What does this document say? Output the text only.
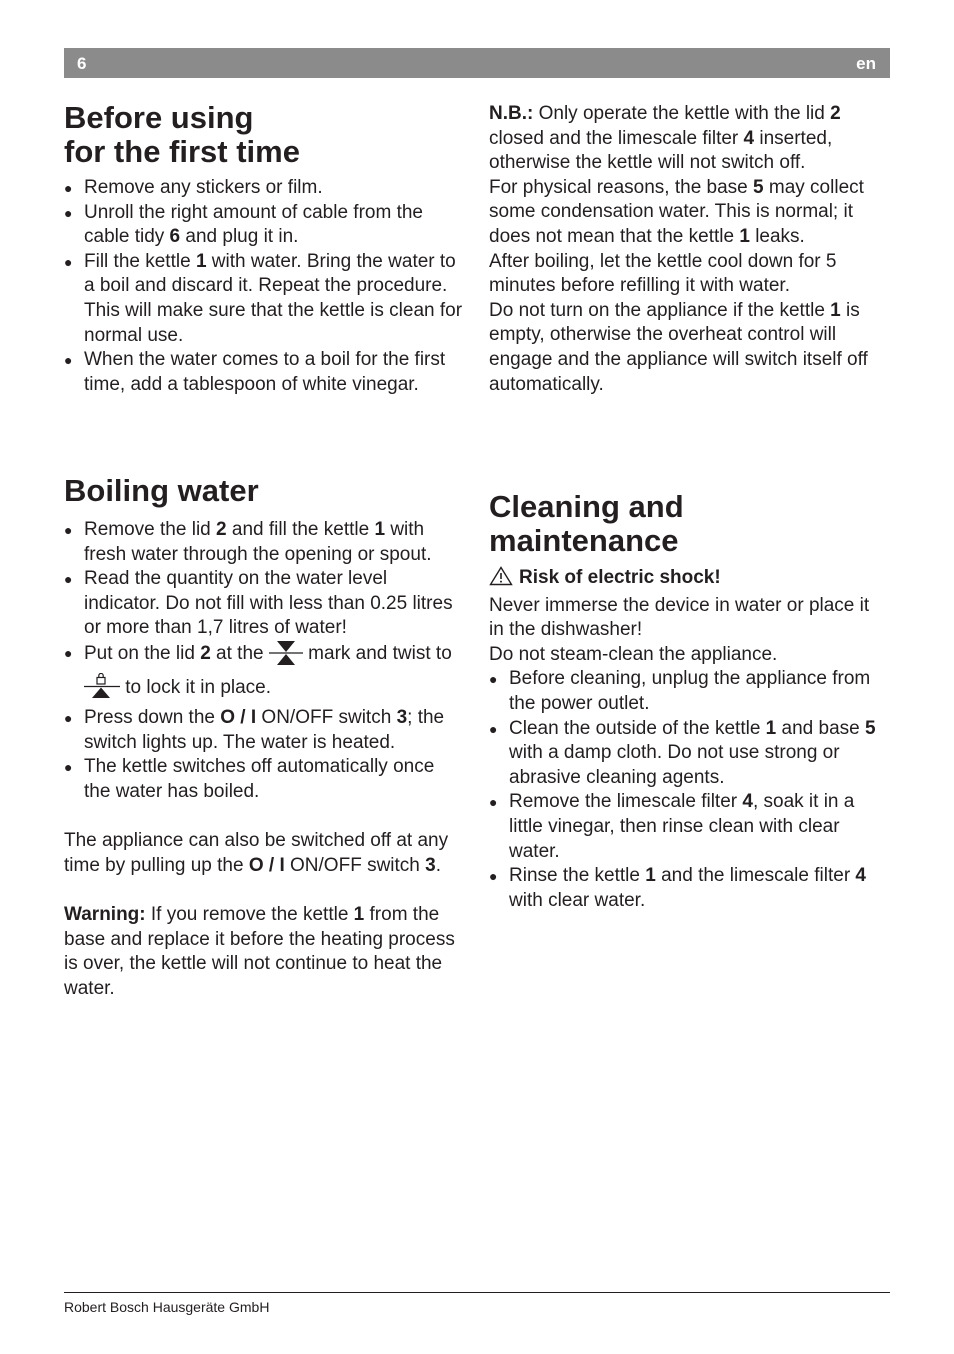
6	en
Before using
for the first time
● Remove any stickers or film.
● Unroll the right amount of cable from the cable tidy 6 and plug it in.
● Fill the kettle 1 with water. Bring the water to a boil and discard it. Repeat the procedure. This will make sure that the kettle is clean for normal use.
● When the water comes to a boil for the first time, add a tablespoon of white vinegar.
Boiling water
● Remove the lid 2 and fill the kettle 1 with fresh water through the opening or spout.
● Read the quantity on the water level indicator. Do not fill with less than 0.25 litres or more than 1,7 litres of water!
● Put on the lid 2 at the  mark and twist to  to lock it in place.
● Press down the O / I ON/OFF switch 3; the switch lights up. The water is heated.
● The kettle switches off automatically once the water has boiled.

The appliance can also be switched off at any time by pulling up the O / I ON/OFF switch 3.

Warning: If you remove the kettle 1 from the base and replace it before the heating process is over, the kettle will not continue to heat the water.

N.B.: Only operate the kettle with the lid 2 closed and the limescale filter 4 inserted, otherwise the kettle will not switch off.

For physical reasons, the base 5 may collect some condensation water. This is normal; it does not mean that the kettle 1 leaks.

After boiling, let the kettle cool down for 5 minutes before refilling it with water.

Do not turn on the appliance if the kettle 1 is empty, otherwise the overheat control will engage and the appliance will switch itself off automatically.

Cleaning and
maintenance

Risk of electric shock!

Never immerse the device in water or place it in the dishwasher!

Do not steam-clean the appliance.

● Before cleaning, unplug the appliance from the power outlet.
● Clean the outside of the kettle 1 and base 5 with a damp cloth. Do not use strong or abrasive cleaning agents.
● Remove the limescale filter 4, soak it in a little vinegar, then rinse clean with clear water.
● Rinse the kettle 1 and the limescale filter 4 with clear water.
Robert Bosch Hausgeräte GmbH
